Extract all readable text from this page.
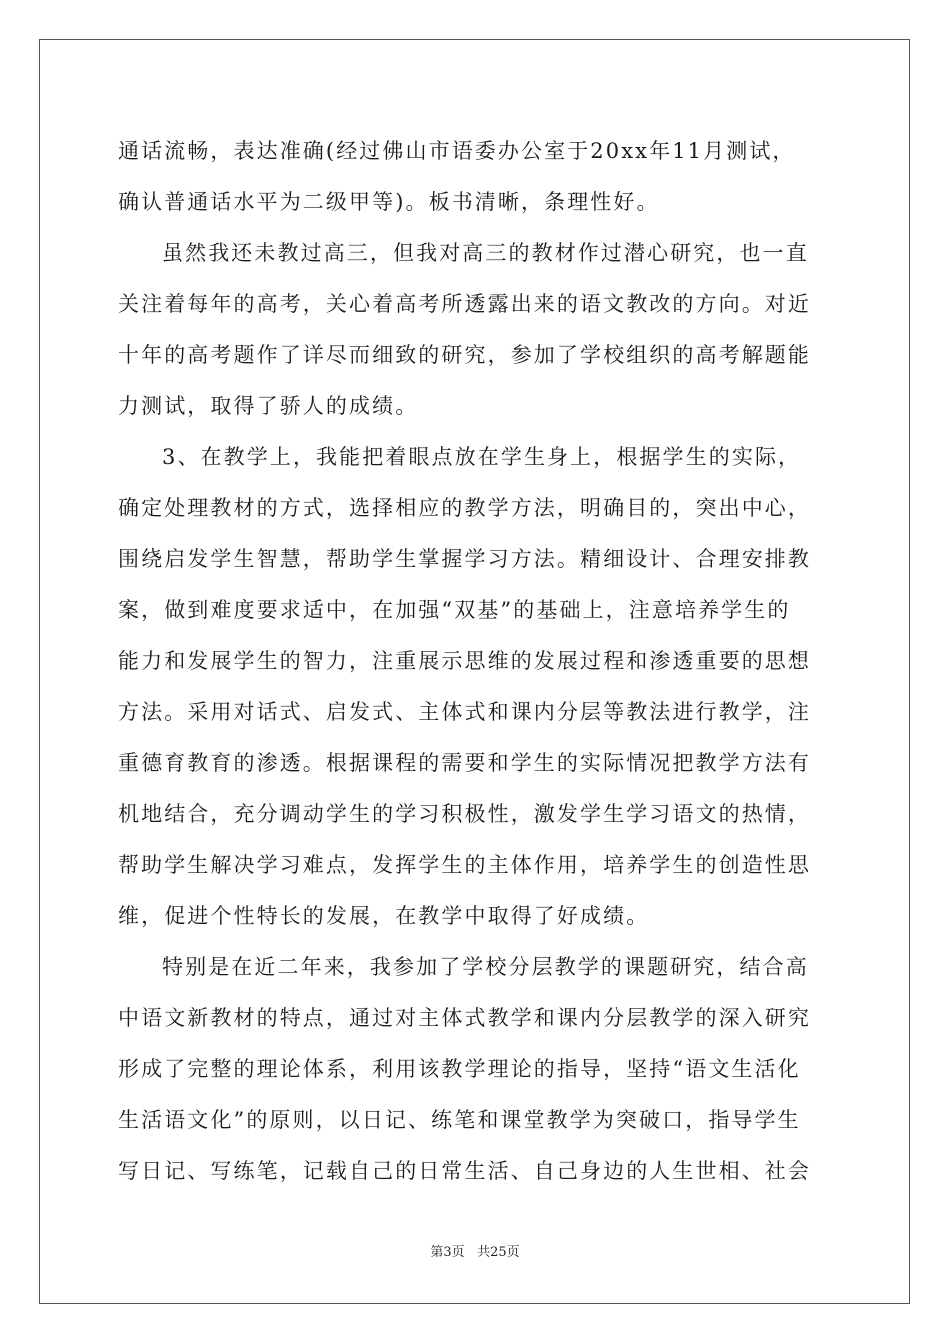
通话流畅，表达准确(经过佛山市语委办公室于20xx年11月测试，
确认普通话水平为二级甲等)。板书清晰，条理性好。
虽然我还未教过高三，但我对高三的教材作过潜心研究，也一直
关注着每年的高考，关心着高考所透露出来的语文教改的方向。对近
十年的高考题作了详尽而细致的研究，参加了学校组织的高考解题能
力测试，取得了骄人的成绩。
3、在教学上，我能把着眼点放在学生身上，根据学生的实际，
确定处理教材的方式，选择相应的教学方法，明确目的，突出中心，
围绕启发学生智慧，帮助学生掌握学习方法。精细设计、合理安排教
案，做到难度要求适中，在加强“双基”的基础上，注意培养学生的
能力和发展学生的智力，注重展示思维的发展过程和渗透重要的思想
方法。采用对话式、启发式、主体式和课内分层等教法进行教学，注
重德育教育的渗透。根据课程的需要和学生的实际情况把教学方法有
机地结合，充分调动学生的学习积极性，激发学生学习语文的热情，
帮助学生解决学习难点，发挥学生的主体作用，培养学生的创造性思
维，促进个性特长的发展，在教学中取得了好成绩。
特别是在近二年来，我参加了学校分层教学的课题研究，结合高
中语文新教材的特点，通过对主体式教学和课内分层教学的深入研究
形成了完整的理论体系，利用该教学理论的指导，坚持“语文生活化
生活语文化”的原则，以日记、练笔和课堂教学为突破口，指导学生
写日记、写练笔，记载自己的日常生活、自己身边的人生世相、社会
第3页 共25页
